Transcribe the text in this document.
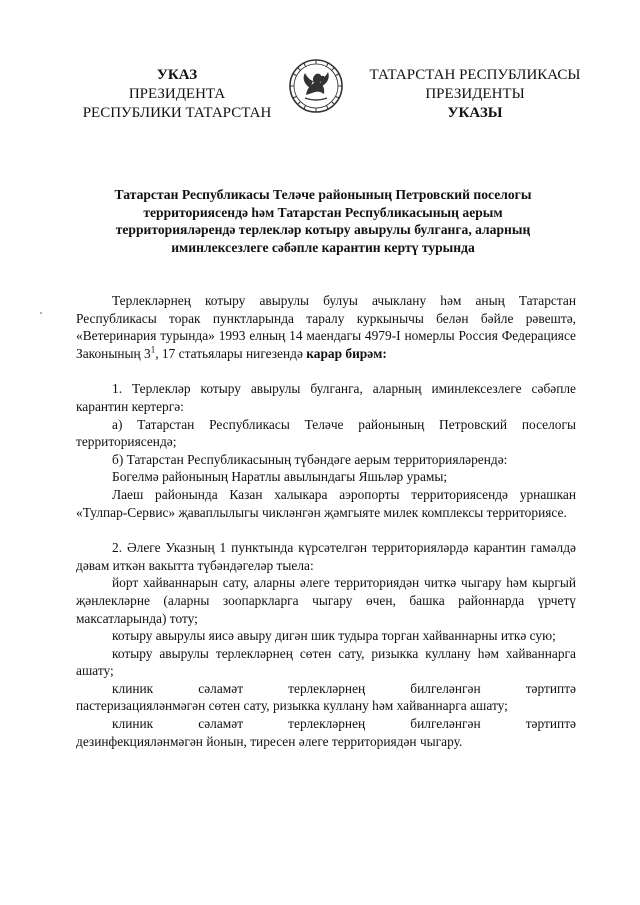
УКАЗ
ПРЕЗИДЕНТА
РЕСПУБЛИКИ ТАТАРСТАН
ТАТАРСТАН РЕСПУБЛИКАСЫ
ПРЕЗИДЕНТЫ
УКАЗЫ
Татарстан Республикасы Теләче районының Петровский поселогы
территориясендә һәм Татарстан Республикасының аерым
территорияләрендә терлекләр котыру авырулы булганга, аларның
иминлексезлеге сәбәпле карантин кертү турында

Терлекләрнең котыру авырулы булуы ачыклану һәм аның Татарстан Республикасы торак пунктларында таралу куркынычы белән бәйле рәвештә, «Ветеринария турында» 1993 елның 14 маендагы 4979-I номерлы Россия Федерациясе Законының $3^1$, 17 статьялары нигезендә карар бирәм:

1. Терлекләр котыру авырулы булганга, аларның иминлексезлеге сәбәпле карантин кертергә:

а) Татарстан Республикасы Теләче районының Петровский поселогы территориясендә;

б) Татарстан Республикасының түбәндәге аерым территорияләрендә:

Богелмә районының Наратлы авылындагы Яшьләр урамы;

Лаеш районында Казан халыкара аэропорты территориясендә урнашкан «Тулпар-Сервис» җаваплылыгы чикләнгән җәмгыяте милек комплексы территориясе.

2. Әлеге Указның 1 пунктында күрсәтелгән территорияләрдә карантин гамәлдә дәвам иткән вакытта түбәндәгеләр тыела:

йорт хайваннарын сату, аларны әлеге территориядән читкә чыгару һәм кыргый җәнлекләрне (аларны зоопаркларга чыгару өчен, башка районнарда үрчетү максатларында) тоту;

котыру авырулы яисә авыру дигән шик тудыра торган хайваннарны иткә сую;

котыру авырулы терлекләрнең сөтен сату, ризыкка куллану һәм хайваннарга ашату;

клиник сәламәт терлекләрнең билгеләнгән тәртиптә

пастеризацияләнмәгән сөтен сату, ризыкка куллану һәм хайваннарга ашату;

клиник сәламәт терлекләрнең билгеләнгән тәртиптә

дезинфекцияләнмәгән йонын, тиресен әлеге территориядән чыгару.
